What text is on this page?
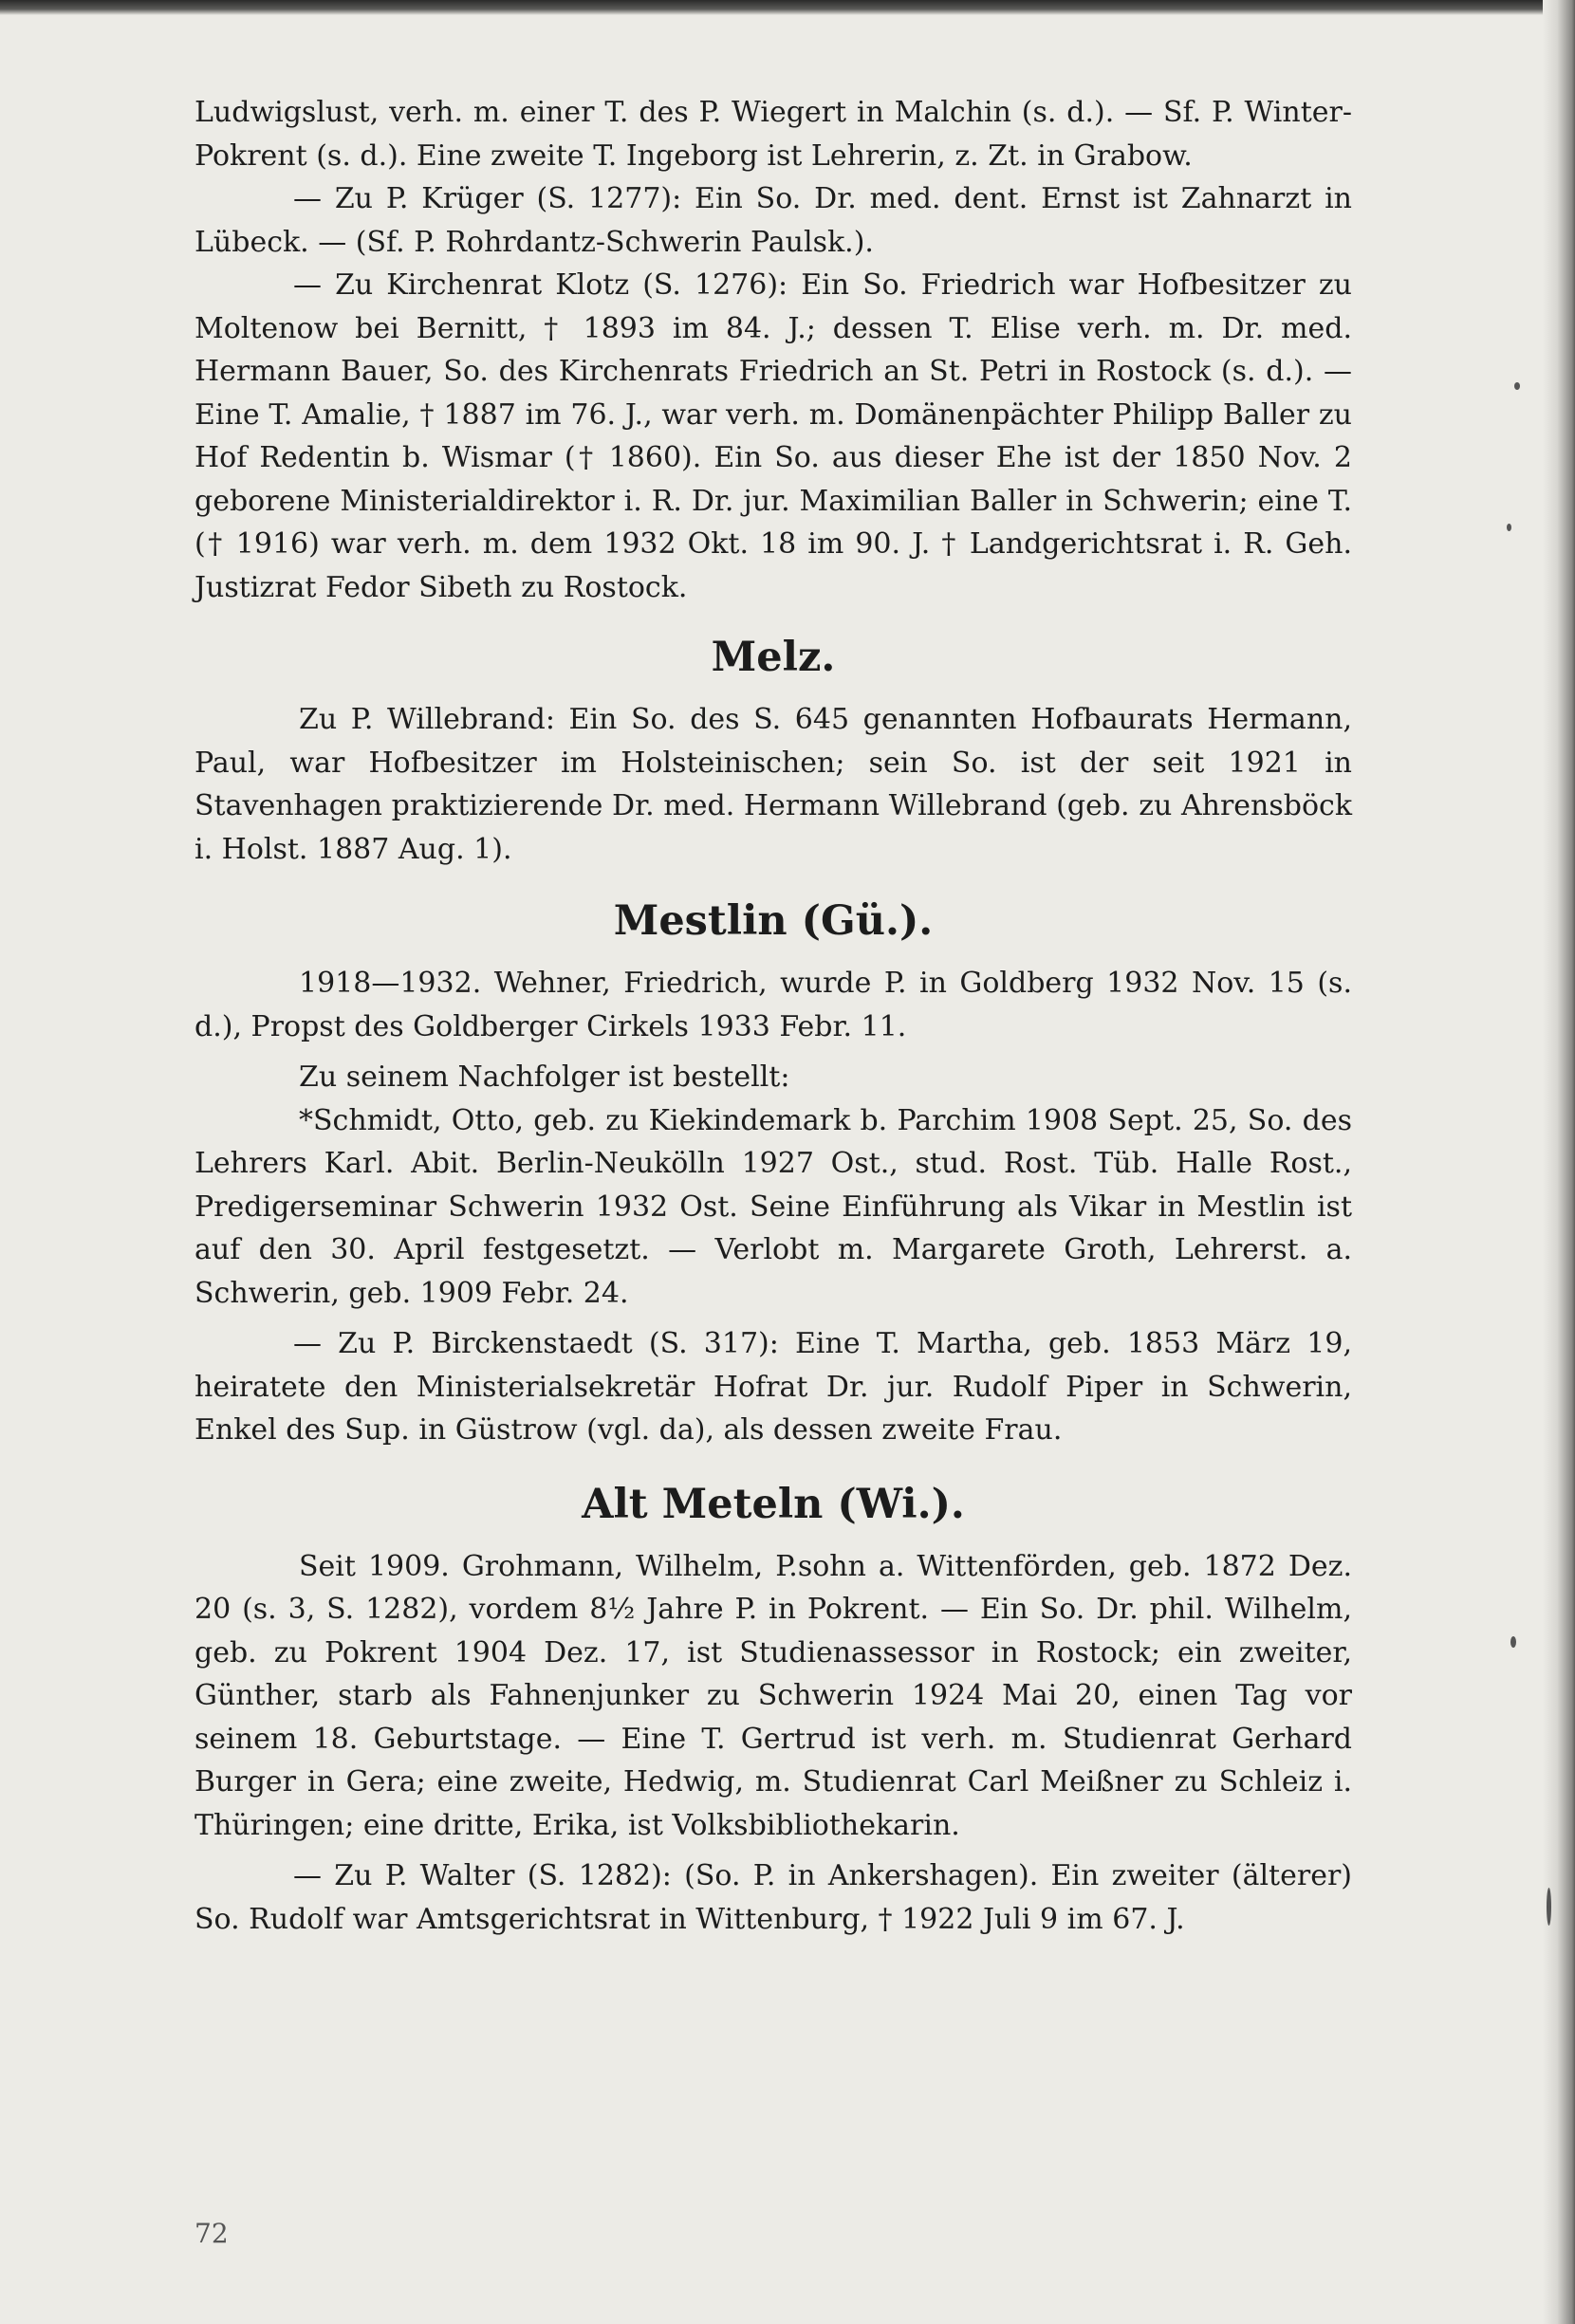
Ludwigslust, verh. m. einer T. des P. Wiegert in Malchin (s. d.). — Sf. P. Winter-Pokrent (s. d.). Eine zweite T. Ingeborg ist Lehrerin, z. Zt. in Grabow.

— Zu P. Krüger (S. 1277): Ein So. Dr. med. dent. Ernst ist Zahnarzt in Lübeck. — (Sf. P. Rohrdantz-Schwerin Paulsk.).

— Zu Kirchenrat Klotz (S. 1276): Ein So. Friedrich war Hofbesitzer zu Moltenow bei Bernitt, † 1893 im 84. J.; dessen T. Elise verh. m. Dr. med. Hermann Bauer, So. des Kirchenrats Friedrich an St. Petri in Rostock (s. d.). — Eine T. Amalie, † 1887 im 76. J., war verh. m. Domänenpächter Philipp Baller zu Hof Redentin b. Wismar († 1860). Ein So. aus dieser Ehe ist der 1850 Nov. 2 geborene Ministerialdirektor i. R. Dr. jur. Maximilian Baller in Schwerin; eine T. († 1916) war verh. m. dem 1932 Okt. 18 im 90. J. † Landgerichtsrat i. R. Geh. Justizrat Fedor Sibeth zu Rostock.

Melz.

Zu P. Willebrand: Ein So. des S. 645 genannten Hofbaurats Hermann, Paul, war Hofbesitzer im Holsteinischen; sein So. ist der seit 1921 in Stavenhagen praktizierende Dr. med. Hermann Willebrand (geb. zu Ahrensböck i. Holst. 1887 Aug. 1).

Mestlin (Gü.).

1918—1932. Wehner, Friedrich, wurde P. in Goldberg 1932 Nov. 15 (s. d.), Propst des Goldberger Cirkels 1933 Febr. 11.

Zu seinem Nachfolger ist bestellt:

*Schmidt, Otto, geb. zu Kiekindemark b. Parchim 1908 Sept. 25, So. des Lehrers Karl. Abit. Berlin-Neukölln 1927 Ost., stud. Rost. Tüb. Halle Rost., Predigerseminar Schwerin 1932 Ost. Seine Einführung als Vikar in Mestlin ist auf den 30. April festgesetzt. — Verlobt m. Margarete Groth, Lehrerst. a. Schwerin, geb. 1909 Febr. 24.

— Zu P. Birckenstaedt (S. 317): Eine T. Martha, geb. 1853 März 19, heiratete den Ministerialsekretär Hofrat Dr. jur. Rudolf Piper in Schwerin, Enkel des Sup. in Güstrow (vgl. da), als dessen zweite Frau.

Alt Meteln (Wi.).

Seit 1909. Grohmann, Wilhelm, P.sohn a. Wittenförden, geb. 1872 Dez. 20 (s. 3, S. 1282), vordem 8½ Jahre P. in Pokrent. — Ein So. Dr. phil. Wilhelm, geb. zu Pokrent 1904 Dez. 17, ist Studienassessor in Rostock; ein zweiter, Günther, starb als Fahnenjunker zu Schwerin 1924 Mai 20, einen Tag vor seinem 18. Geburtstage. — Eine T. Gertrud ist verh. m. Studienrat Gerhard Burger in Gera; eine zweite, Hedwig, m. Studienrat Carl Meißner zu Schleiz i. Thüringen; eine dritte, Erika, ist Volksbibliothekarin.

— Zu P. Walter (S. 1282): (So. P. in Ankershagen). Ein zweiter (älterer) So. Rudolf war Amtsgerichtsrat in Wittenburg, † 1922 Juli 9 im 67. J.

72
